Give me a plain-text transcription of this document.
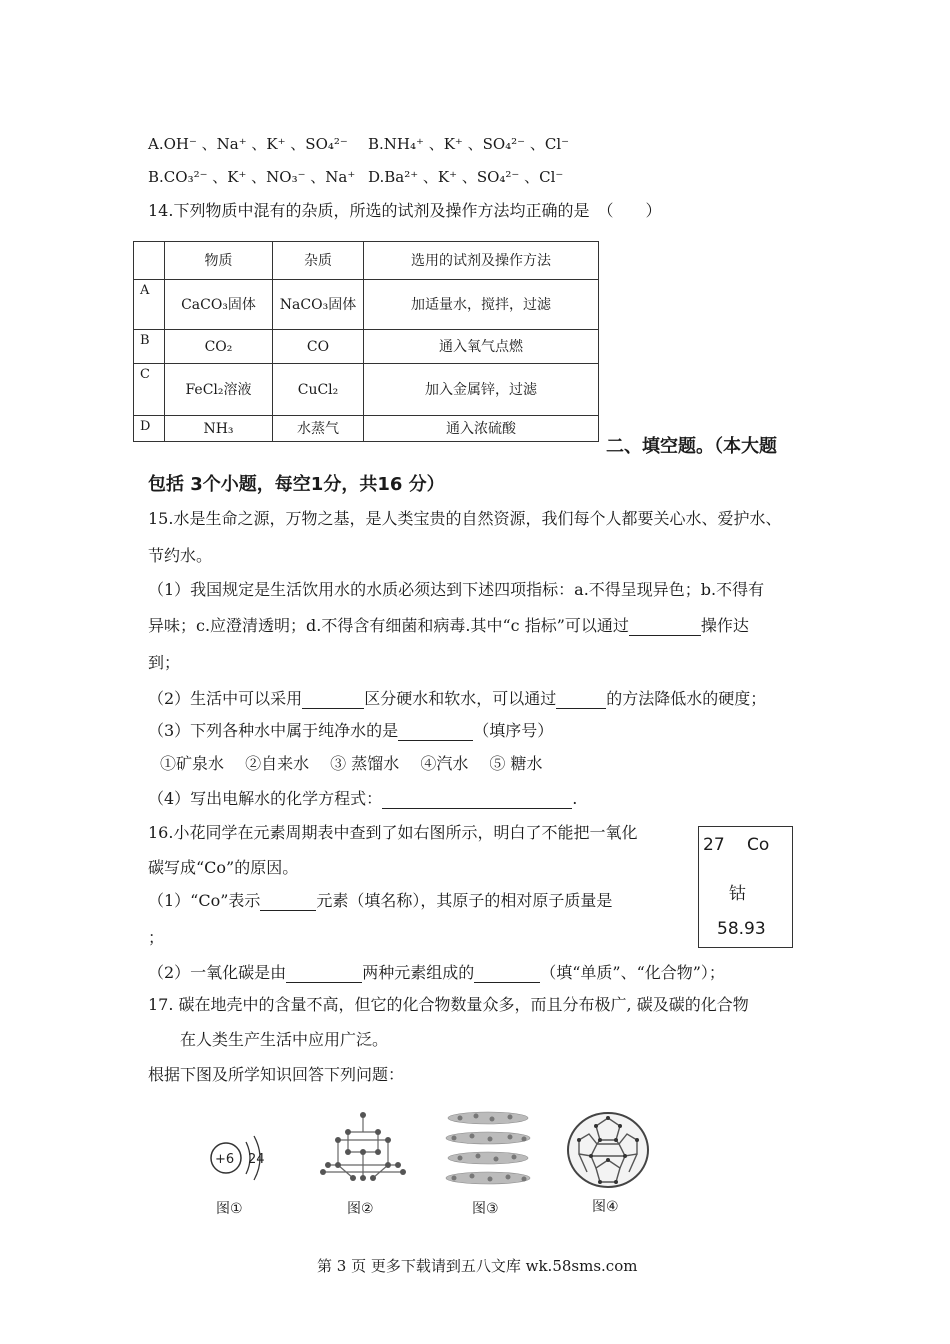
A.OH⁻ 、Na⁺ 、K⁺ 、SO₄²⁻ B.NH₄⁺ 、K⁺ 、SO₄²⁻ 、Cl⁻
B.CO₃²⁻ 、K⁺ 、NO₃⁻ 、Na⁺ D.Ba²⁺ 、K⁺ 、SO₄²⁻ 、Cl⁻
14.下列物质中混有的杂质，所选的试剂及操作方法均正确的是　（　　）
	物质	杂质	选用的试剂及操作方法
A	CaCO₃固体	NaCO₃固体	加适量水，搅拌，过滤
B	CO₂	CO	通入氧气点燃
C	FeCl₂溶液	CuCl₂	加入金属锌，过滤
D	NH₃	水蒸气	通入浓硫酸
二、填空题。（本大题
包括 3个小题，每空1分，共16 分）
15.水是生命之源，万物之基，是人类宝贵的自然资源，我们每个人都要关心水、爱护水、
节约水。
（1）我国规定是生活饮用水的水质必须达到下述四项指标：a.不得呈现异色；b.不得有
异味；c.应澄清透明；d.不得含有细菌和病毒.其中“c 指标”可以通过	操作达
到；
（2）生活中可以采用	区分硬水和软水，可以通过	的方法降低水的硬度；
（3）下列各种水中属于纯净水的是	（填序号）
①矿泉水　 ②自来水　 ③ 蒸馏水　 ④汽水　 ⑤ 糖水
（4）写出电解水的化学方程式：	.
16.小花同学在元素周期表中查到了如右图所示，明白了不能把一氧化
碳写成“Co”的原因。
（1）“Co”表示	元素（填名称），其原子的相对原子质量是
；
（2）一氧化碳是由	两种元素组成的	（填“单质”、“化合物”）；
27 Co
钴
58.93
17. 碳在地壳中的含量不高，但它的化合物数量众多，而且分布极广, 碳及碳的化合物
在人类生产生活中应用广泛。
根据下图及所学知识回答下列问题：
+6 24
图①	图②	图③	图④
第 3 页 更多下载请到五八文库 wk.58sms.com
